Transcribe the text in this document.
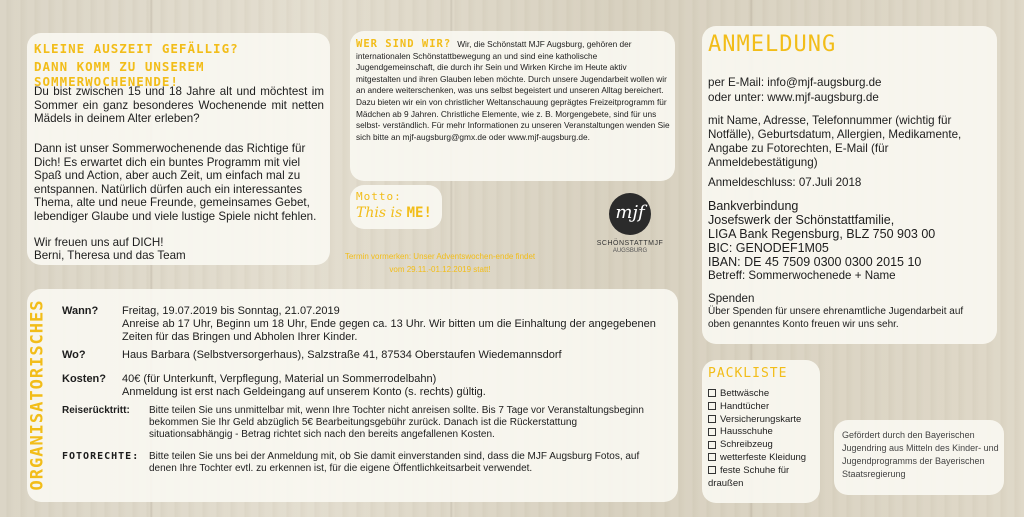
KLEINE AUSZEIT GEFÄLLIG?
DANN KOMM ZU UNSEREM SOMMERWOCHENENDE!
Du bist zwischen 15 und 18 Jahre alt und möchtest im Sommer ein ganz besonderes Wochenende mit netten Mädels in deinem Alter erleben?
Dann ist unser Sommerwochenende das Richtige für Dich! Es erwartet dich ein buntes Programm mit viel Spaß und Action, aber auch Zeit, um einfach mal zu entspannen. Natürlich dürfen auch ein interessantes Thema, alte und neue Freunde, gemeinsames Gebet, lebendiger Glaube und viele lustige Spiele nicht fehlen.
Wir freuen uns auf DICH!
Berni, Theresa und das Team
WER SIND WIR? Wir, die Schönstatt MJF Augsburg, gehören der internationalen Schönstattbewegung an und sind eine katholische Jugendgemeinschaft, die durch ihr Sein und Wirken Kirche im Heute aktiv mitgestalten und ihren Glauben leben möchte. Durch unsere Jugendarbeit wollen wir an andere weiterschenken, was uns selbst begeistert und unseren Alltag bereichert. Dazu bieten wir ein von christlicher Weltanschauung geprägtes Freizeitprogramm für Mädchen ab 9 Jahren. Christliche Elemente, wie z. B. Morgengebete, sind für uns selbst- verständlich. Für mehr Informationen zu unseren Veranstaltungen wenden Sie sich bitte an mjf-augsburg@gmx.de oder www.mjf-augsburg.de.
Motto:
This is ME!
Termin vormerken: Unser Adventswochen-ende findet vom 29.11.-01.12.2019 statt!
mjf
SCHÖNSTATTMJF
AUGSBURG
Wann? Freitag, 19.07.2019 bis Sonntag, 21.07.2019
Anreise ab 17 Uhr, Beginn um 18 Uhr, Ende gegen ca. 13 Uhr. Wir bitten um die Einhaltung der angegebenen Zeiten für das Bringen und Abholen Ihrer Kinder.
Wo?	Haus Barbara (Selbstversorgerhaus), Salzstraße 41, 87534 Oberstaufen Wiedemannsdorf
Kosten? 40€ (für Unterkunft, Verpflegung, Material un Sommerrodelbahn)
Anmeldung ist erst nach Geldeingang auf unserem Konto (s. rechts) gültig.
Reiserücktritt: Bitte teilen Sie uns unmittelbar mit, wenn Ihre Tochter nicht anreisen sollte. Bis 7 Tage vor Veranstaltungsbeginn bekommen Sie Ihr Geld abzüglich 5€ Bearbeitungsgebühr zurück. Danach ist die Rückerstattung situationsabhängig - Betrag richtet sich nach den bereits angefallenen Kosten.
FOTORECHTE: Bitte teilen Sie uns bei der Anmeldung mit, ob Sie damit einverstanden sind, dass die MJF Augsburg Fotos, auf denen Ihre Tochter evtl. zu erkennen ist, für die eigene Öffentlichkeitsarbeit verwendet.
ORGANISATORISCHES
ANMELDUNG
per E-Mail: info@mjf-augsburg.de
oder unter: www.mjf-augsburg.de
mit Name, Adresse, Telefonnummer (wichtig für Notfälle), Geburtsdatum, Allergien, Medikamente, Angabe zu Fotorechten, E-Mail (für Anmeldebestätigung)
Anmeldeschluss: 07.Juli 2018
Bankverbindung
Josefswerk der Schönstattfamilie,
LIGA Bank Regensburg, BLZ 750 903 00
BIC: GENODEF1M05
IBAN: DE 45 7509 0300 0300 2015 10
Betreff: Sommerwochenede + Name
Spenden
Über Spenden für unsere ehrenamtliche Jugendarbeit auf oben genanntes Konto freuen wir uns sehr.
PACKLISTE
Bettwäsche
Handtücher
Versicherungskarte
Hausschuhe
Schreibzeug
wetterfeste Kleidung
feste Schuhe für draußen
Gefördert durch den Bayerischen Jugendring aus Mitteln des Kinder- und Jugendprogramms der Bayerischen Staatsregierung
